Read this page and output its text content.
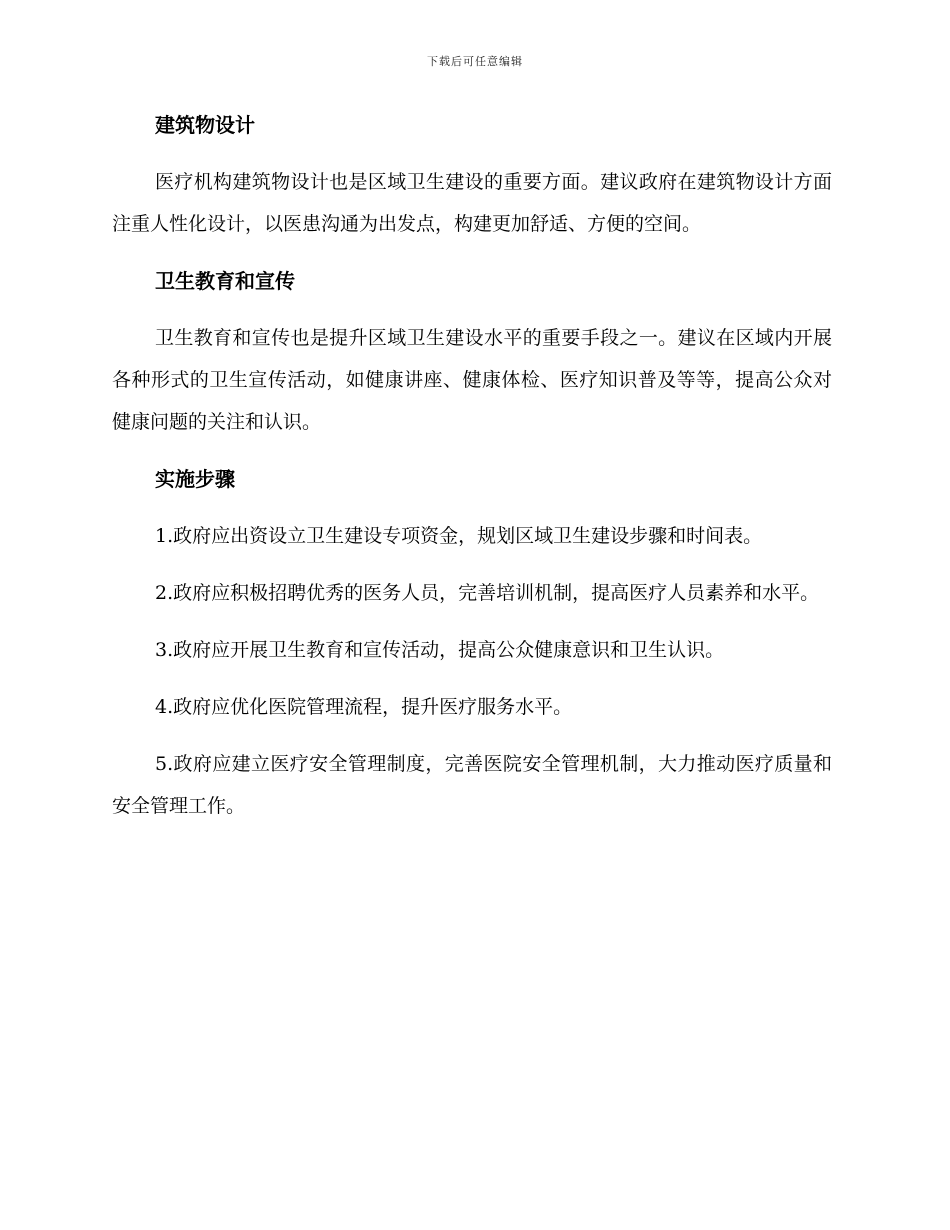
下载后可任意编辑
建筑物设计

医疗机构建筑物设计也是区域卫生建设的重要方面。建议政府在建筑物设计方面注重人性化设计，以医患沟通为出发点，构建更加舒适、方便的空间。

卫生教育和宣传

卫生教育和宣传也是提升区域卫生建设水平的重要手段之一。建议在区域内开展各种形式的卫生宣传活动，如健康讲座、健康体检、医疗知识普及等等，提高公众对健康问题的关注和认识。

实施步骤

1.政府应出资设立卫生建设专项资金，规划区域卫生建设步骤和时间表。

2.政府应积极招聘优秀的医务人员，完善培训机制，提高医疗人员素养和水平。

3.政府应开展卫生教育和宣传活动，提高公众健康意识和卫生认识。

4.政府应优化医院管理流程，提升医疗服务水平。

5.政府应建立医疗安全管理制度，完善医院安全管理机制，大力推动医疗质量和安全管理工作。
